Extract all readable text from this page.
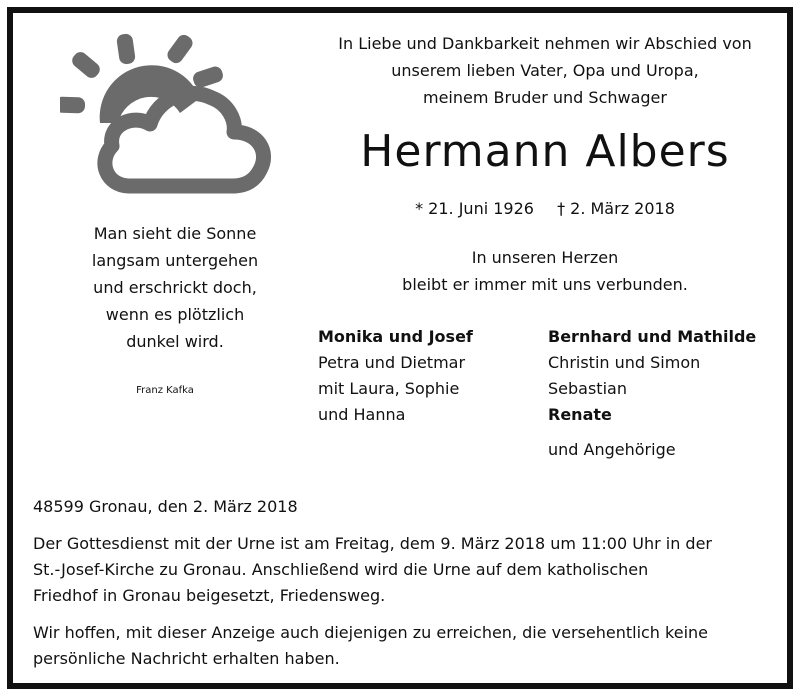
Man sieht die Sonne
langsam untergehen
und erschrickt doch,
wenn es plötzlich
dunkel wird.
Franz Kafka
In Liebe und Dankbarkeit nehmen wir Abschied von
unserem lieben Vater, Opa und Uropa,
meinem Bruder und Schwager
Hermann Albers
* 21. Juni 1926 † 2. März 2018
In unseren Herzen
bleibt er immer mit uns verbunden.
Monika und Josef
Petra und Dietmar
mit Laura, Sophie
und Hanna
Bernhard und Mathilde
Christin und Simon
Sebastian
Renate
und Angehörige
48599 Gronau, den 2. März 2018
Der Gottesdienst mit der Urne ist am Freitag, dem 9. März 2018 um 11:00 Uhr in der
St.-Josef-Kirche zu Gronau. Anschließend wird die Urne auf dem katholischen
Friedhof in Gronau beigesetzt, Friedensweg.
Wir hoffen, mit dieser Anzeige auch diejenigen zu erreichen, die versehentlich keine
persönliche Nachricht erhalten haben.
